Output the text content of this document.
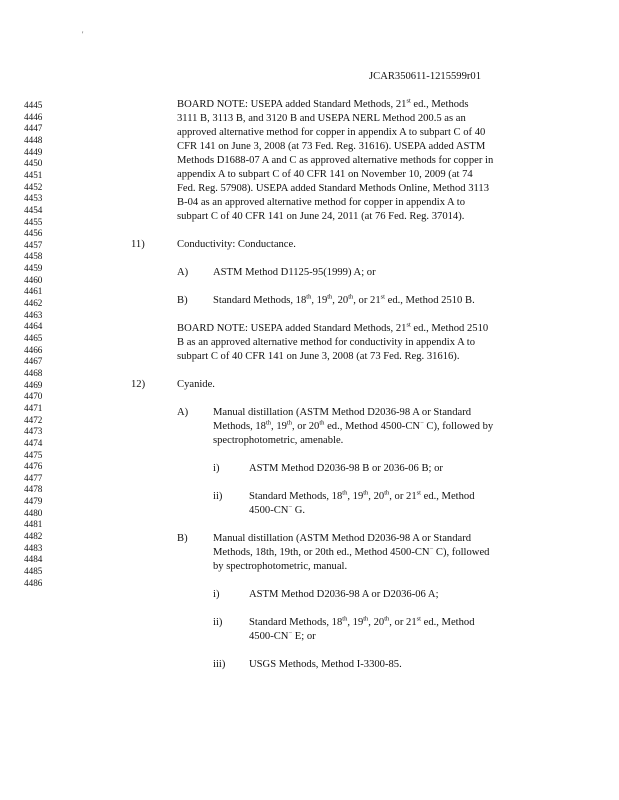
'
JCAR350611-1215599r01
4445
4446
4447
4448
4449
4450
4451
4452
4453
4454
4455
4456
4457
4458
4459
4460
4461
4462
4463
4464
4465
4466
4467
4468
4469
4470
4471
4472
4473
4474
4475
4476
4477
4478
4479
4480
4481
4482
4483
4484
4485
4486
BOARD NOTE: USEPA added Standard Methods, 21st ed., Methods
3111 B, 3113 B, and 3120 B and USEPA NERL Method 200.5 as an
approved alternative method for copper in appendix A to subpart C of 40
CFR 141 on June 3, 2008 (at 73 Fed. Reg. 31616). USEPA added ASTM
Methods D1688-07 A and C as approved alternative methods for copper in
appendix A to subpart C of 40 CFR 141 on November 10, 2009 (at 74
Fed. Reg. 57908). USEPA added Standard Methods Online, Method 3113
B-04 as an approved alternative method for copper in appendix A to
subpart C of 40 CFR 141 on June 24, 2011 (at 76 Fed. Reg. 37014).
11)	Conductivity: Conductance.
A) ASTM Method D1125-95(1999) A; or
B) Standard Methods, 18th, 19th, 20th, or 21st ed., Method 2510 B.
BOARD NOTE: USEPA added Standard Methods, 21st ed., Method 2510
B as an approved alternative method for conductivity in appendix A to
subpart C of 40 CFR 141 on June 3, 2008 (at 73 Fed. Reg. 31616).
12)	Cyanide.
A) Manual distillation (ASTM Method D2036-98 A or Standard
Methods, 18th, 19th, or 20th ed., Method 4500-CN− C), followed by
spectrophotometric, amenable.
i)	ASTM Method D2036-98 B or 2036-06 B; or
ii)	Standard Methods, 18th, 19th, 20th, or 21st ed., Method
4500-CN− G.
B) Manual distillation (ASTM Method D2036-98 A or Standard
Methods, 18th, 19th, or 20th ed., Method 4500-CN− C), followed
by spectrophotometric, manual.
i)	ASTM Method D2036-98 A or D2036-06 A;
ii)	Standard Methods, 18th, 19th, 20th, or 21st ed., Method
4500-CN− E; or
iii) USGS Methods, Method I-3300-85.
